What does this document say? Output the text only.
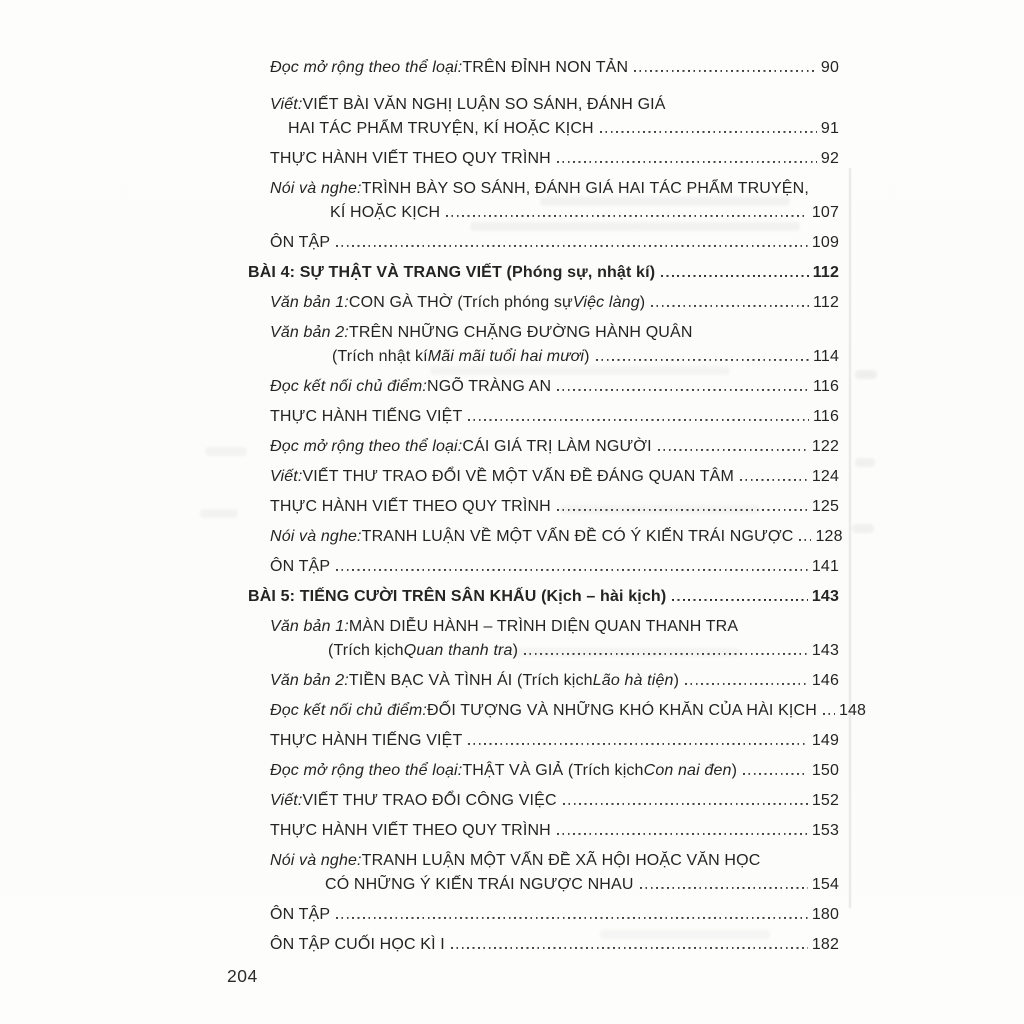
Đọc mở rộng theo thể loại: TRÊN ĐỈNH NON TẢN	90
Viết: VIẾT BÀI VĂN NGHỊ LUẬN SO SÁNH, ĐÁNH GIÁ
HAI TÁC PHẨM TRUYỆN, KÍ HOẶC KỊCH	91
THỰC HÀNH VIẾT THEO QUY TRÌNH	92
Nói và nghe: TRÌNH BÀY SO SÁNH, ĐÁNH GIÁ HAI TÁC PHẨM TRUYỆN,
KÍ HOẶC KỊCH	107
ÔN TẬP	109
BÀI 4: SỰ THẬT VÀ TRANG VIẾT (Phóng sự, nhật kí)	112
Văn bản 1: CON GÀ THỜ (Trích phóng sự Việc làng )	112
Văn bản 2: TRÊN NHỮNG CHẶNG ĐƯỜNG HÀNH QUÂN
(Trích nhật kí Mãi mãi tuổi hai mươi )	114
Đọc kết nối chủ điểm: NGÕ TRÀNG AN	116
THỰC HÀNH TIẾNG VIỆT	116
Đọc mở rộng theo thể loại: CÁI GIÁ TRỊ LÀM NGƯỜI	122
Viết: VIẾT THƯ TRAO ĐỔI VỀ MỘT VẤN ĐỀ ĐÁNG QUAN TÂM	124
THỰC HÀNH VIẾT THEO QUY TRÌNH	125
Nói và nghe: TRANH LUẬN VỀ MỘT VẤN ĐỀ CÓ Ý KIẾN TRÁI NGƯỢC 128
ÔN TẬP	141
BÀI 5: TIẾNG CƯỜI TRÊN SÂN KHẤU (Kịch – hài kịch)	143
Văn bản 1: MÀN DIỄU HÀNH – TRÌNH DIỆN QUAN THANH TRA
(Trích kịch Quan thanh tra )	143
Văn bản 2: TIỀN BẠC VÀ TÌNH ÁI (Trích kịch Lão hà tiện )	146
Đọc kết nối chủ điểm: ĐỐI TƯỢNG VÀ NHỮNG KHÓ KHĂN CỦA HÀI KỊCH 148
THỰC HÀNH TIẾNG VIỆT	149
Đọc mở rộng theo thể loại: THẬT VÀ GIẢ (Trích kịch Con nai đen )	150
Viết: VIẾT THƯ TRAO ĐỔI CÔNG VIỆC	152
THỰC HÀNH VIẾT THEO QUY TRÌNH	153
Nói và nghe: TRANH LUẬN MỘT VẤN ĐỀ XÃ HỘI HOẶC VĂN HỌC
CÓ NHỮNG Ý KIẾN TRÁI NGƯỢC NHAU	154
ÔN TẬP	180
ÔN TẬP CUỐI HỌC KÌ I	182
204
